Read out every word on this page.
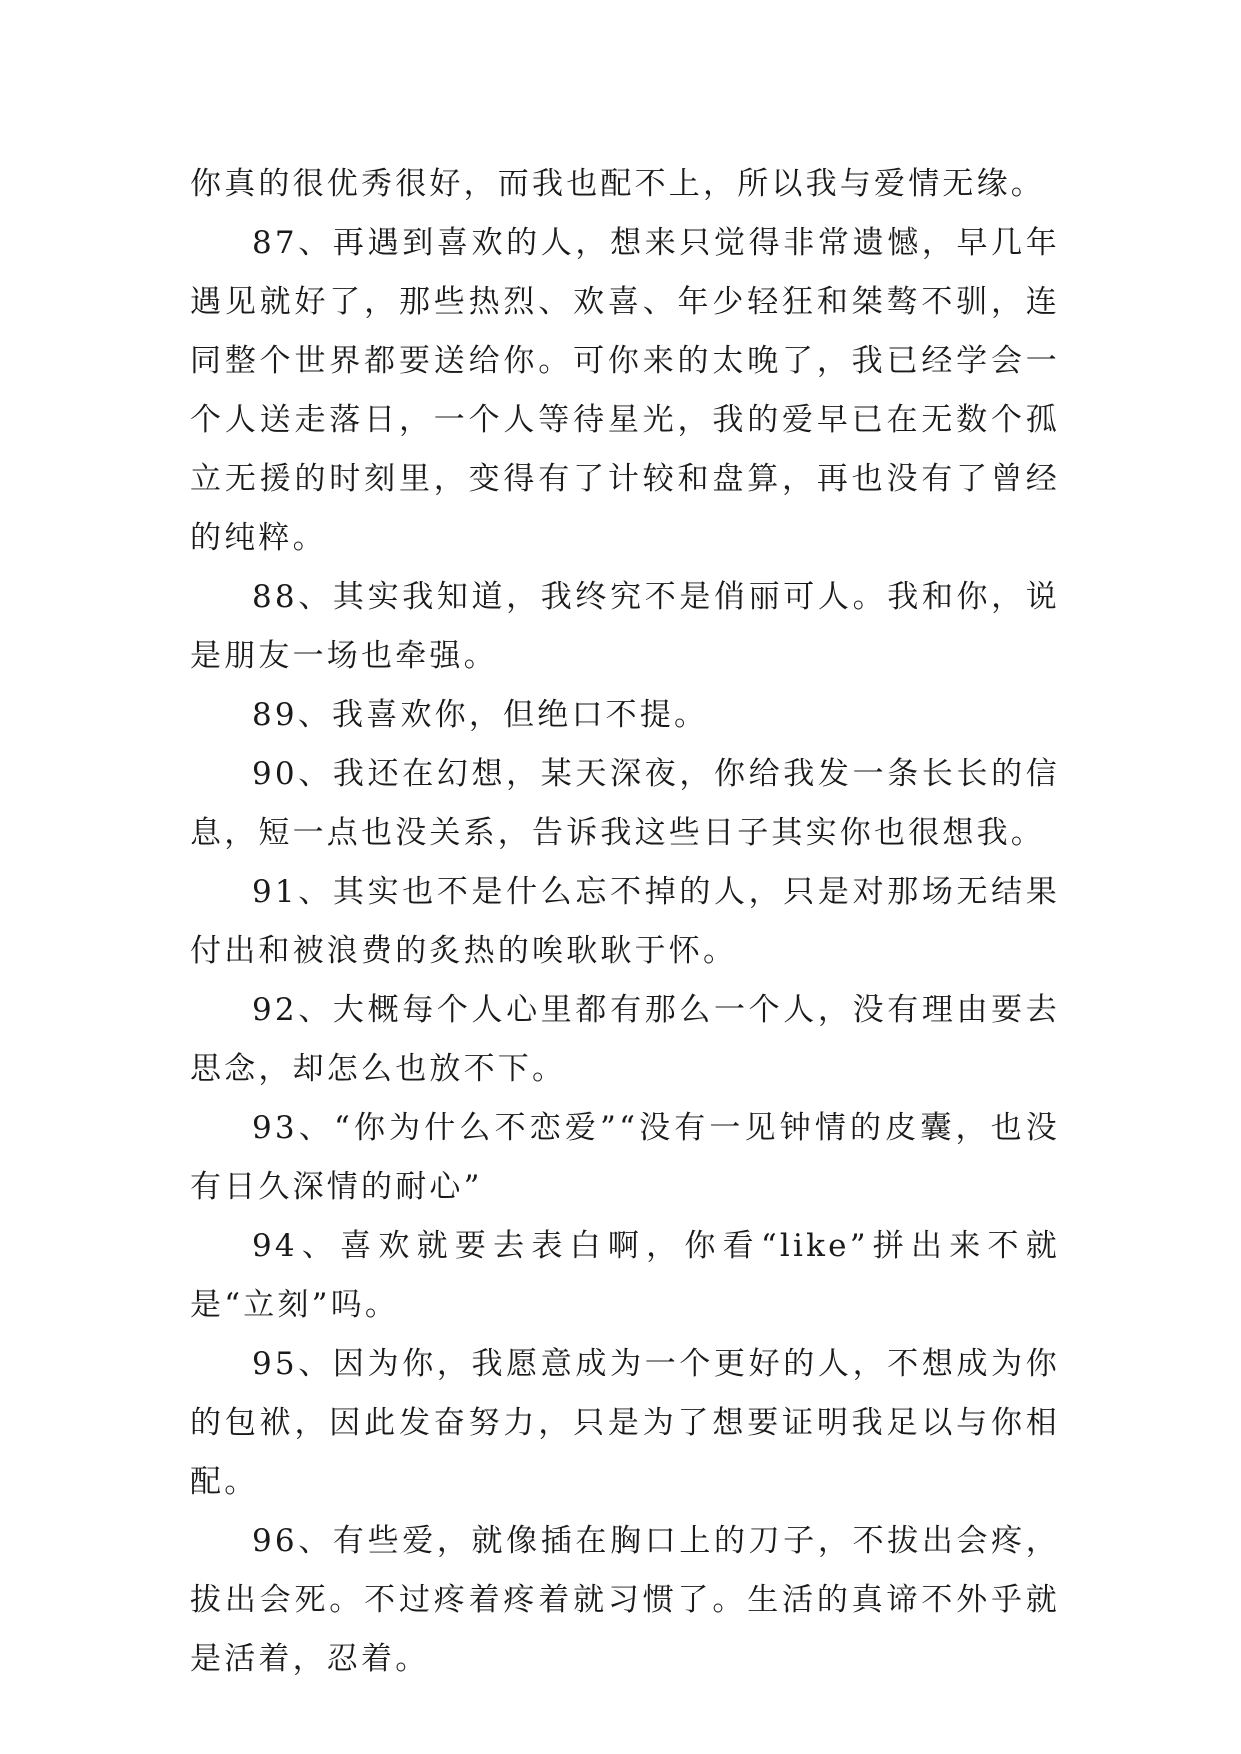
你真的很优秀很好，而我也配不上，所以我与爱情无缘。

87、再遇到喜欢的人，想来只觉得非常遗憾，早几年遇见就好了，那些热烈、欢喜、年少轻狂和桀骜不驯，连同整个世界都要送给你。可你来的太晚了，我已经学会一个人送走落日，一个人等待星光，我的爱早已在无数个孤立无援的时刻里，变得有了计较和盘算，再也没有了曾经的纯粹。

88、其实我知道，我终究不是俏丽可人。我和你，说是朋友一场也牵强。

89、我喜欢你，但绝口不提。

90、我还在幻想，某天深夜，你给我发一条长长的信息，短一点也没关系，告诉我这些日子其实你也很想我。

91、其实也不是什么忘不掉的人，只是对那场无结果付出和被浪费的炙热的唉耿耿于怀。

92、大概每个人心里都有那么一个人，没有理由要去思念，却怎么也放不下。

93、“你为什么不恋爱”“没有一见钟情的皮囊，也没有日久深情的耐心”

94、喜欢就要去表白啊，你看“like”拼出来不就是“立刻”吗。

95、因为你，我愿意成为一个更好的人，不想成为你的包袱，因此发奋努力，只是为了想要证明我足以与你相配。

96、有些爱，就像插在胸口上的刀子，不拔出会疼，拔出会死。不过疼着疼着就习惯了。生活的真谛不外乎就是活着，忍着。
